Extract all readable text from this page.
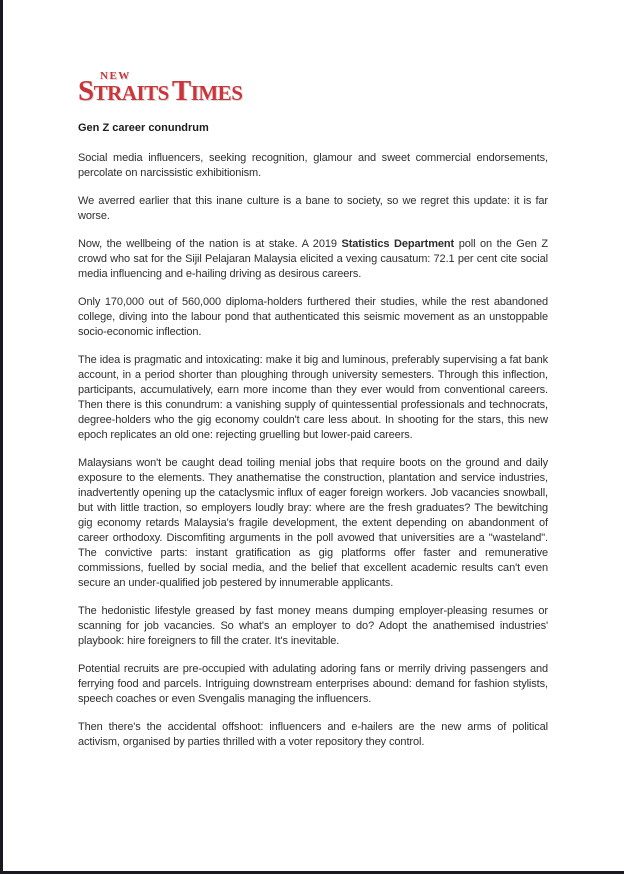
NEW
STRAITS TIMES
Gen Z career conundrum

Social media influencers, seeking recognition, glamour and sweet commercial endorsements, percolate on narcissistic exhibitionism.

We averred earlier that this inane culture is a bane to society, so we regret this update: it is far worse.

Now, the wellbeing of the nation is at stake. A 2019 Statistics Department poll on the Gen Z crowd who sat for the Sijil Pelajaran Malaysia elicited a vexing causatum: 72.1 per cent cite social media influencing and e-hailing driving as desirous careers.

Only 170,000 out of 560,000 diploma-holders furthered their studies, while the rest abandoned college, diving into the labour pond that authenticated this seismic movement as an unstoppable socio-economic inflection.

The idea is pragmatic and intoxicating: make it big and luminous, preferably supervising a fat bank account, in a period shorter than ploughing through university semesters. Through this inflection, participants, accumulatively, earn more income than they ever would from conventional careers. Then there is this conundrum: a vanishing supply of quintessential professionals and technocrats, degree-holders who the gig economy couldn't care less about. In shooting for the stars, this new epoch replicates an old one: rejecting gruelling but lower-paid careers.

Malaysians won't be caught dead toiling menial jobs that require boots on the ground and daily exposure to the elements. They anathematise the construction, plantation and service industries, inadvertently opening up the cataclysmic influx of eager foreign workers. Job vacancies snowball, but with little traction, so employers loudly bray: where are the fresh graduates? The bewitching gig economy retards Malaysia's fragile development, the extent depending on abandonment of career orthodoxy. Discomfiting arguments in the poll avowed that universities are a "wasteland". The convictive parts: instant gratification as gig platforms offer faster and remunerative commissions, fuelled by social media, and the belief that excellent academic results can't even secure an under-qualified job pestered by innumerable applicants.

The hedonistic lifestyle greased by fast money means dumping employer-pleasing resumes or scanning for job vacancies. So what's an employer to do? Adopt the anathemised industries' playbook: hire foreigners to fill the crater. It's inevitable.

Potential recruits are pre-occupied with adulating adoring fans or merrily driving passengers and ferrying food and parcels. Intriguing downstream enterprises abound: demand for fashion stylists, speech coaches or even Svengalis managing the influencers.

Then there's the accidental offshoot: influencers and e-hailers are the new arms of political activism, organised by parties thrilled with a voter repository they control.
